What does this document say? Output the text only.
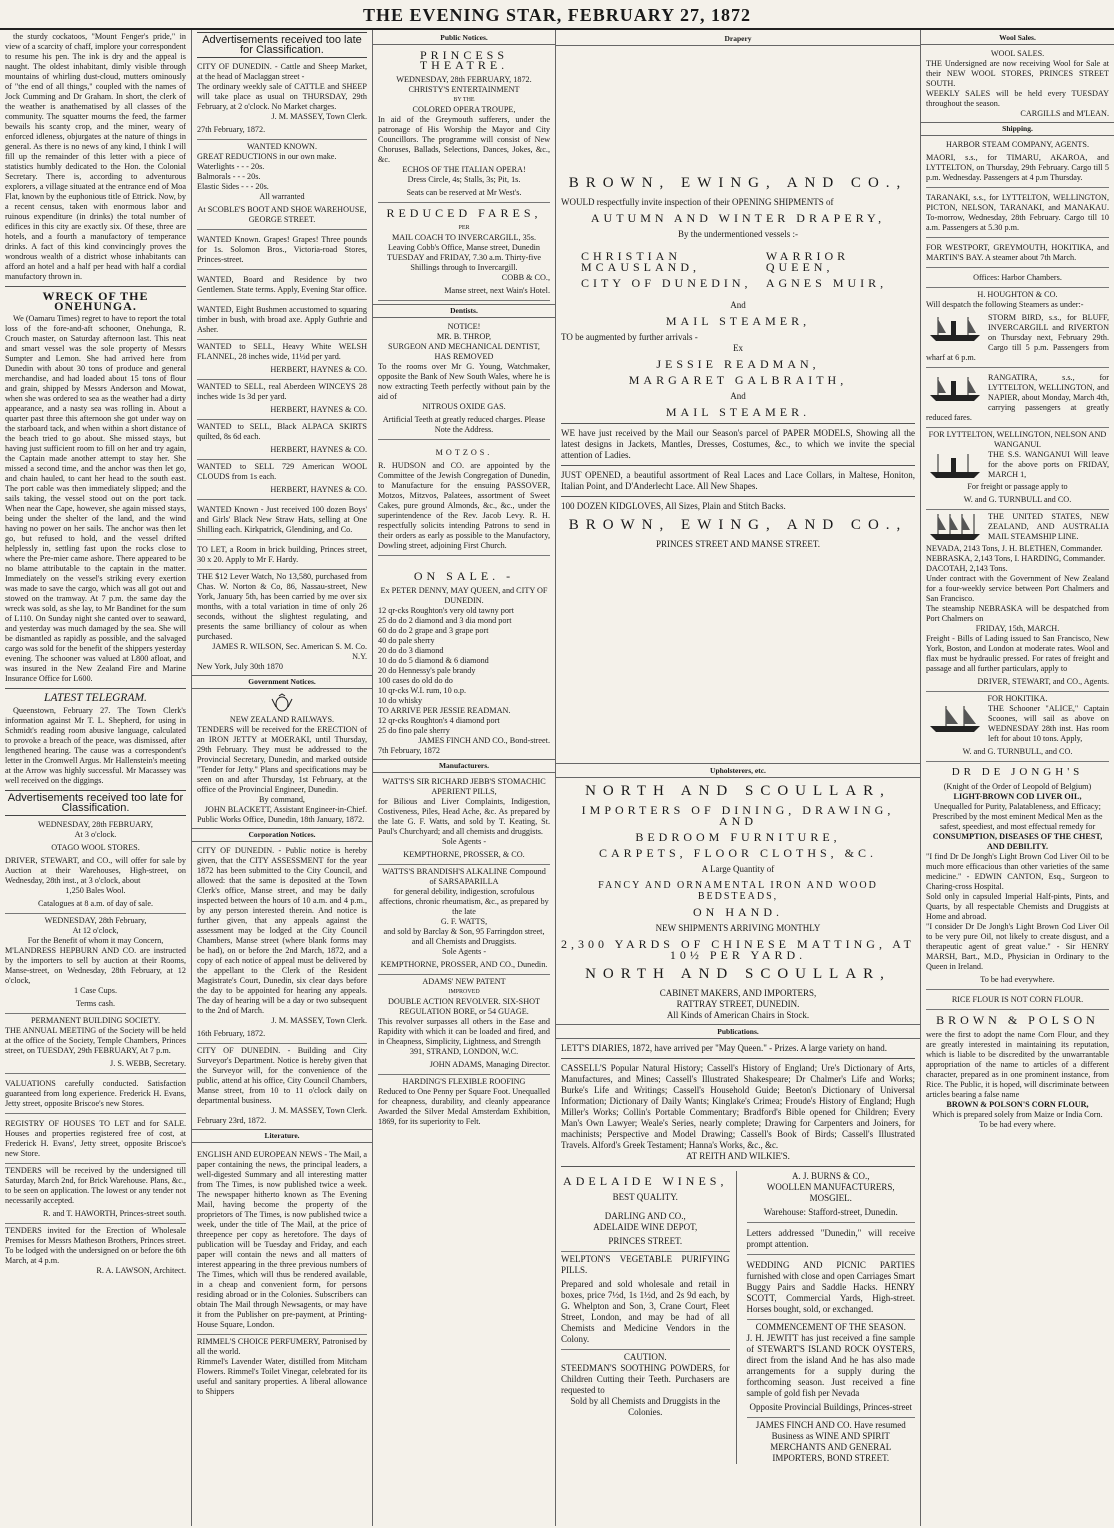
THE EVENING STAR, FEBRUARY 27, 1872

the sturdy cockatoos, "Mount Fenger's pride," in view of a scarcity of chaff, implore your correspondent to resume his pen. The ink is dry and the appeal is naught. The oldest inhabitant, dimly visible through mountains of whirling dust-cloud, mutters ominously of "the end of all things," coupled with the names of Jock Cumming and Dr Graham. In short, the clerk of the weather is anathematised by all classes of the community. The squatter mourns the feed, the farmer bewails his scanty crop, and the miner, weary of enforced idleness, objurgates at the nature of things in general. As there is no news of any kind, I think I will fill up the remainder of this letter with a piece of statistics humbly dedicated to the Hon. the Colonial Secretary. There is, according to adventurous explorers, a village situated at the entrance end of Moa Flat, known by the euphonious title of Ettrick. Now, by a recent census, taken with enormous labor and ruinous expenditure (in drinks) the total number of edifices in this city are exactly six. Of these, three are hotels, and a fourth a manufactory of temperance drinks. A fact of this kind convincingly proves the wondrous wealth of a district whose inhabitants can afford an hotel and a half per head with half a cordial manufactory thrown in.

WRECK OF THE ONEHUNGA.

We (Oamaru Times) regret to have to report the total loss of the fore-and-aft schooner, Onehunga, R. Crouch master, on Saturday afternoon last. This neat and smart vessel was the sole property of Messrs Sumpter and Lemon. She had arrived here from Dunedin with about 30 tons of produce and general merchandise, and had loaded about 15 tons of flour and grain, shipped by Messrs Anderson and Mowat, when she was ordered to sea as the weather had a dirty appearance, and a nasty sea was rolling in. About a quarter past three this afternoon she got under way on the starboard tack, and when within a short distance of the beach tried to go about. She missed stays, but having just sufficient room to fill on her and try again, the Captain made another attempt to stay her. She missed a second time, and the anchor was then let go, and chain hauled, to cant her head to the south east. The port cable was then immediately slipped; and the sails taking, the vessel stood out on the port tack. When near the Cape, however, she again missed stays, being under the shelter of the land, and the wind having no power on her sails. The anchor was then let go, but refused to hold, and the vessel drifted helplessly in, settling fast upon the rocks close to where the Pre-mier came ashore. There appeared to be no blame attributable to the captain in the matter. Immediately on the vessel's striking every exertion was made to save the cargo, which was all got out and stowed on the tramway. At 7 p.m. the same day the wreck was sold, as she lay, to Mr Bandinet for the sum of L110. On Sunday night she canted over to seaward, and yesterday was much damaged by the sea. She will be dismantled as rapidly as possible, and the salvaged cargo was sold for the benefit of the shippers yesterday evening. The schooner was valued at L800 afloat, and was insured in the New Zealand Fire and Marine Insurance Office for L600.

LATEST TELEGRAM.

Queenstown, February 27. The Town Clerk's information against Mr T. L. Shepherd, for using in Schmidt's reading room abusive language, calculated to provoke a breach of the peace, was dismissed, after lengthened hearing. The cause was a correspondent's letter in the Cromwell Argus. Mr Hallenstein's meeting at the Arrow was highly successful. Mr Macassey was well received on the diggings.

Advertisements received too late for Classification.
WEDNESDAY, 28th FEBRUARY,
At 3 o'clock.
OTAGO WOOL STORES.
DRIVER, STEWART, and CO., will offer for sale by Auction at their Warehouses, High-street, on Wednesday, 28th inst., at 3 o'clock, about
1,250 Bales Wool.
Catalogues at 8 a.m. of day of sale.
WEDNESDAY, 28th February,
At 12 o'clock,
For the Benefit of whom it may Concern,
M'LANDRESS HEPBURN AND CO. are instructed by the importers to sell by auction at their Rooms, Manse-street, on Wednesday, 28th February, at 12 o'clock,
1 Case Cups.
Terms cash.
PERMANENT BUILDING SOCIETY.
THE ANNUAL MEETING of the Society will be held at the office of the Society, Temple Chambers, Princes street, on TUESDAY, 29th FEBRUARY, At 7 p.m.
J. S. WEBB, Secretary.
VALUATIONS carefully conducted. Satisfaction guaranteed from long experience. Frederick H. Evans, Jetty street, opposite Briscoe's new Stores.
REGISTRY OF HOUSES TO LET and for SALE. Houses and properties registered free of cost, at Frederick H. Evans', Jetty street, opposite Briscoe's new Store.
TENDERS will be received by the undersigned till Saturday, March 2nd, for Brick Warehouse. Plans, &c., to be seen on application. The lowest or any tender not necessarily accepted.
R. and T. HAWORTH, Princes-street south.
TENDERS invited for the Erection of Wholesale Premises for Messrs Matheson Brothers, Princes street. To be lodged with the undersigned on or before the 6th March, at 4 p.m.
R. A. LAWSON, Architect.
Advertisements received too late for Classification.
CITY OF DUNEDIN. - Cattle and Sheep Market, at the head of Maclaggan street -
The ordinary weekly sale of CATTLE and SHEEP will take place as usual on THURSDAY, 29th February, at 2 o'clock. No Market charges.
J. M. MASSEY, Town Clerk.
27th February, 1872.
WANTED KNOWN.
GREAT REDUCTIONS in our own make.
Waterlights - - - 20s.
Balmorals - - - 20s.
Elastic Sides - - - 20s.
All warranted
At SCOBLE'S BOOT AND SHOE WAREHOUSE, GEORGE STREET.
WANTED Known. Grapes! Grapes! Three pounds for 1s. Solomon Bros., Victoria-road Stores, Princes-street.
WANTED, Board and Residence by two Gentlemen. State terms. Apply, Evening Star office.
WANTED, Eight Bushmen accustomed to squaring timber in bush, with broad axe. Apply Guthrie and Asher.
WANTED to SELL, Heavy White WELSH FLANNEL, 28 inches wide, 11½d per yard.
HERBERT, HAYNES & CO.
WANTED to SELL, real Aberdeen WINCEYS 28 inches wide 1s 3d per yard.
HERBERT, HAYNES & CO.
WANTED to SELL, Black ALPACA SKIRTS quilted, 8s 6d each.
HERBERT, HAYNES & CO.
WANTED to SELL 729 American WOOL CLOUDS from 1s each.
HERBERT, HAYNES & CO.
WANTED Known - Just received 100 dozen Boys' and Girls' Black New Straw Hats, selling at One Shilling each. Kirkpatrick, Glendining, and Co.
TO LET, a Room in brick building, Princes street, 30 x 20. Apply to Mr F. Hardy.
THE $12 Lever Watch, No 13,580, purchased from Chas. W. Norton & Co, 86, Nassau-street, New York, January 5th, has been carried by me over six months, with a total variation in time of only 26 seconds, without the slightest regulating, and presents the same brilliancy of colour as when purchased.
JAMES R. WILSON, Sec. American S. M. Co. N.Y.
New York, July 30th 1870
Government Notices.
NEW ZEALAND RAILWAYS.
TENDERS will be received for the ERECTION of an IRON JETTY at MOERAKI, until Thursday, 29th February. They must be addressed to the Provincial Secretary, Dunedin, and marked outside "Tender for Jetty." Plans and specifications may be seen on and after Thursday, 1st February, at the office of the Provincial Engineer, Dunedin.
By command,
JOHN BLACKETT, Assistant Engineer-in-Chief.
Public Works Office, Dunedin, 18th January, 1872.
Corporation Notices.
CITY OF DUNEDIN. - Public notice is hereby given, that the CITY ASSESSMENT for the year 1872 has been submitted to the City Council, and allowed: that the same is deposited at the Town Clerk's office, Manse street, and may be daily inspected between the hours of 10 a.m. and 4 p.m., by any person interested therein. And notice is further given, that any appeals against the assessment may be lodged at the City Council Chambers, Manse street (where blank forms may be had), on or before the 2nd March, 1872, and a copy of each notice of appeal must be delivered by the appellant to the Clerk of the Resident Magistrate's Court, Dunedin, six clear days before the day to be appointed for hearing any appeals. The day of hearing will be a day or two subsequent to the 2nd of March.
J. M. MASSEY, Town Clerk.
16th February, 1872.
CITY OF DUNEDIN. - Building and City Surveyor's Department. Notice is hereby given that the Surveyor will, for the convenience of the public, attend at his office, City Council Chambers, Manse street, from 10 to 11 o'clock daily on departmental business.
J. M. MASSEY, Town Clerk.
February 23rd, 1872.
Literature.
ENGLISH AND EUROPEAN NEWS - The Mail, a paper containing the news, the principal leaders, a well-digested Summary and all interesting matter from The Times, is now published twice a week. The newspaper hitherto known as The Evening Mail, having become the property of the proprietors of The Times, is now published twice a week, under the title of The Mail, at the price of threepence per copy as heretofore. The days of publication will be Tuesday and Friday, and each paper will contain the news and all matters of interest appearing in the three previous numbers of The Times, which will thus be rendered available, in a cheap and convenient form, for persons residing abroad or in the Colonies. Subscribers can obtain The Mail through Newsagents, or may have it from the Publisher on pre-payment, at Printing-House Square, London.
RIMMEL'S CHOICE PERFUMERY, Patronised by all the world.
Rimmel's Lavender Water, distilled from Mitcham Flowers. Rimmel's Toilet Vinegar, celebrated for its useful and sanitary properties. A liberal allowance to Shippers
Public Notices.
PRINCESS THEATRE.
WEDNESDAY, 28th FEBRUARY, 1872.
CHRISTY'S ENTERTAINMENT
BY THE
COLORED OPERA TROUPE,
In aid of the Greymouth sufferers, under the patronage of His Worship the Mayor and City Councillors. The programme will consist of New Choruses, Ballads, Selections, Dances, Jokes, &c., &c.
ECHOS OF THE ITALIAN OPERA!
Dress Circle, 4s; Stalls, 3s; Pit, 1s.
Seats can be reserved at Mr West's.
REDUCED FARES,
PER
MAIL COACH TO INVERCARGILL, 35s.
Leaving Cobb's Office, Manse street, Dunedin TUESDAY and FRIDAY, 7.30 a.m. Thirty-five Shillings through to Invercargill.
COBB & CO.,
Manse street, next Wain's Hotel.
Dentists.
NOTICE!
MR. B. THROP,
SURGEON AND MECHANICAL DENTIST,
HAS REMOVED
To the rooms over Mr G. Young, Watchmaker, opposite the Bank of New South Wales, where he is now extracting Teeth perfectly without pain by the aid of
NITROUS OXIDE GAS.
Artificial Teeth at greatly reduced charges. Please Note the Address.
MOTZOS.
R. HUDSON and CO. are appointed by the Committee of the Jewish Congregation of Dunedin, to Manufacture for the ensuing PASSOVER, Motzos, Mitzvos, Palatees, assortment of Sweet Cakes, pure ground Almonds, &c., &c., under the superintendence of the Rev. Jacob Levy. R. H. respectfully solicits intending Patrons to send in their orders as early as possible to the Manufactory, Dowling street, adjoining First Church.
ON SALE. -
Ex PETER DENNY, MAY QUEEN, and CITY OF DUNEDIN.
12 qr-cks Roughton's very old tawny port
25 do do 2 diamond and 3 dia mond port
60 do do 2 grape and 3 grape port
40 do pale sherry
20 do do 3 diamond
10 do do 5 diamond & 6 diamond
20 do Hennessy's pale brandy
100 cases do old do do
10 qr-cks W.I. rum, 10 o.p.
10 do whisky
TO ARRIVE PER JESSIE READMAN.
12 qr-cks Roughton's 4 diamond port
25 do fino pale sherry
JAMES FINCH AND CO., Bond-street.
7th February, 1872
Manufacturers.
WATTS'S SIR RICHARD JEBB'S STOMACHIC APERIENT PILLS,
for Bilious and Liver Complaints, Indigestion, Costiveness, Piles, Head Ache, &c. As prepared by the late G. F. Watts, and sold by T. Keating, St. Paul's Churchyard; and all chemists and druggists.
Sole Agents -
KEMPTHORNE, PROSSER, & CO.
WATTS'S BRANDISH'S ALKALINE Compound of SARSAPARILLA
for general debility, indigestion, scrofulous affections, chronic rheumatism, &c., as prepared by the late
G. F. WATTS,
and sold by Barclay & Son, 95 Farringdon street, and all Chemists and Druggists.
Sole Agents -
KEMPTHORNE, PROSSER, AND CO., Dunedin.
ADAMS' NEW PATENT
IMPROVED
DOUBLE ACTION REVOLVER. SIX-SHOT REGULATION BORE, or 54 GUAGE.
This revolver surpasses all others in the Ease and Rapidity with which it can be loaded and fired, and in Cheapness, Simplicity, Lightness, and Strength
391, STRAND, LONDON, W.C.
JOHN ADAMS, Managing Director.
HARDING'S FLEXIBLE ROOFING
Reduced to One Penny per Square Foot. Unequalled for cheapness, durability, and cleanly appearance Awarded the Silver Medal Amsterdam Exhibition, 1869, for its superiority to Felt.
Drapery
BROWN, EWING, AND CO.,
WOULD respectfully invite inspection of their OPENING SHIPMENTS of
AUTUMN AND WINTER DRAPERY,
By the undermentioned vessels :-
CHRISTIAN MCAUSLAND,
CITY OF DUNEDIN,
WARRIOR QUEEN,
AGNES MUIR,
And
MAIL STEAMER,
TO be augmented by further arrivals -
Ex
JESSIE READMAN,
MARGARET GALBRAITH,
And
MAIL STEAMER.
WE have just received by the Mail our Season's parcel of PAPER MODELS, Showing all the latest designs in Jackets, Mantles, Dresses, Costumes, &c., to which we invite the special attention of Ladies.
JUST OPENED, a beautiful assortment of Real Laces and Lace Collars, in Maltese, Honiton, Italian Point, and D'Anderlecht Lace. All New Shapes.
100 DOZEN KIDGLOVES, All Sizes, Plain and Stitch Backs.
BROWN, EWING, AND CO.,
PRINCES STREET AND MANSE STREET.
Upholsterers, etc.
NORTH AND SCOULLAR,
IMPORTERS OF DINING, DRAWING, AND
BEDROOM FURNITURE,
CARPETS, FLOOR CLOTHS, &C.
A Large Quantity of
FANCY AND ORNAMENTAL IRON AND WOOD BEDSTEADS,
ON HAND.
NEW SHIPMENTS ARRIVING MONTHLY
2,300 YARDS OF CHINESE MATTING, AT 10½ PER YARD.
NORTH AND SCOULLAR,
CABINET MAKERS, AND IMPORTERS,
RATTRAY STREET, DUNEDIN.
All Kinds of American Chairs in Stock.
Publications.
LETT'S DIARIES, 1872, have arrived per "May Queen." - Prizes. A large variety on hand.
CASSELL'S Popular Natural History; Cassell's History of England; Ure's Dictionary of Arts, Manufactures, and Mines; Cassell's Illustrated Shakespeare; Dr Chalmer's Life and Works; Burke's Life and Writings; Cassell's Household Guide; Beeton's Dictionary of Universal Information; Dictionary of Daily Wants; Kinglake's Crimea; Froude's History of England; Hugh Miller's Works; Collin's Portable Commentary; Bradford's Bible opened for Children; Every Man's Own Lawyer; Weale's Series, nearly complete; Drawing for Carpenters and Joiners, for machinists; Perspective and Model Drawing; Cassell's Book of Birds; Cassell's Illustrated Travels. Alford's Greek Testament; Hanna's Works, &c., &c.
AT REITH AND WILKIE'S.
ADELAIDE WINES,
BEST QUALITY.
DARLING AND CO.,
ADELAIDE WINE DEPOT,
PRINCES STREET.
WELPTON'S VEGETABLE PURIFYING PILLS.
Prepared and sold wholesale and retail in boxes, price 7½d, 1s 1½d, and 2s 9d each, by G. Whelpton and Son, 3, Crane Court, Fleet Street, London, and may be had of all Chemists and Medicine Vendors in the Colony.
CAUTION.
STEEDMAN'S SOOTHING POWDERS, for Children Cutting their Teeth. Purchasers are requested to
Sold by all Chemists and Druggists in the Colonies.
A. J. BURNS & CO.,
WOOLLEN MANUFACTURERS, MOSGIEL.
Warehouse: Stafford-street, Dunedin.
Letters addressed "Dunedin," will receive prompt attention.
WEDDING AND PICNIC PARTIES furnished with close and open Carriages Smart Buggy Pairs and Saddle Hacks. HENRY SCOTT, Commercial Yards, High-street. Horses bought, sold, or exchanged.
COMMENCEMENT OF THE SEASON.
J. H. JEWITT has just received a fine sample of STEWART'S ISLAND ROCK OYSTERS, direct from the island And he has also made arrangements for a supply during the forthcoming season. Just received a fine sample of gold fish per Nevada
Opposite Provincial Buildings, Princes-street
JAMES FINCH AND CO. Have resumed Business as WINE AND SPIRIT MERCHANTS AND GENERAL IMPORTERS, BOND STREET.
Wool Sales.
WOOL SALES.
THE Undersigned are now receiving Wool for Sale at their NEW WOOL STORES, PRINCES STREET SOUTH.
WEEKLY SALES will be held every TUESDAY throughout the season.
CARGILLS and M'LEAN.
Shipping.
HARBOR STEAM COMPANY, AGENTS.
MAORI, s.s., for TIMARU, AKAROA, and LYTTELTON, on Thursday, 29th February. Cargo till 5 p.m. Wednesday. Passengers at 4 p.m Thursday.
TARANAKI, s.s., for LYTTELTON, WELLINGTON, PICTON, NELSON, TARANAKI, and MANAKAU. To-morrow, Wednesday, 28th February. Cargo till 10 a.m. Passengers at 5.30 p.m.
FOR WESTPORT, GREYMOUTH, HOKITIKA, and MARTIN'S BAY. A steamer about 7th March.
Offices: Harbor Chambers.
H. HOUGHTON & CO.
Will despatch the following Steamers as under:-
STORM BIRD, s.s., for BLUFF, INVERCARGILL and RIVERTON on Thursday next, February 29th. Cargo till 5 p.m. Passengers from wharf at 6 p.m.
RANGATIRA, s.s., for LYTTELTON, WELLINGTON, and NAPIER, about Monday, March 4th, carrying passengers at greatly reduced fares.
FOR LYTTELTON, WELLINGTON, NELSON AND WANGANUI.
THE S.S. WANGANUI Will leave for the above ports on FRIDAY, MARCH 1,
For freight or passage apply to
W. and G. TURNBULL and CO.
THE UNITED STATES, NEW ZEALAND, AND AUSTRALIA MAIL STEAMSHIP LINE.
NEVADA, 2143 Tons, J. H. BLETHEN, Commander.
NEBRASKA, 2,143 Tons, I. HARDING, Commander.
DACOTAH, 2,143 Tons.
Under contract with the Government of New Zealand for a four-weekly service between Port Chalmers and San Francisco.
The steamship NEBRASKA will be despatched from Port Chalmers on
FRIDAY, 15th, MARCH.
Freight - Bills of Lading issued to San Francisco, New York, Boston, and London at moderate rates. Wool and flax must be hydraulic pressed. For rates of freight and passage and all further particulars, apply to
DRIVER, STEWART, and CO., Agents.
FOR HOKITIKA.
THE Schooner "ALICE," Captain Scoones, will sail as above on WEDNESDAY 28th inst. Has room left for about 10 tons. Apply,
W. and G. TURNBULL, and CO.
DR DE JONGH'S
(Knight of the Order of Leopold of Belgium)
LIGHT-BROWN COD LIVER OIL,
Unequalled for Purity, Palatableness, and Efficacy;
Prescribed by the most eminent Medical Men as the safest, speediest, and most effectual remedy for
CONSUMPTION, DISEASES OF THE CHEST, AND DEBILITY.
"I find Dr De Jongh's Light Brown Cod Liver Oil to be much more efficacious than other varieties of the same medicine." - EDWIN CANTON, Esq., Surgeon to Charing-cross Hospital.
Sold only in capsuled Imperial Half-pints, Pints, and Quarts, by all respectable Chemists and Druggists at Home and abroad.
"I consider Dr De Jongh's Light Brown Cod Liver Oil to be very pure Oil, not likely to create disgust, and a therapeutic agent of great value." - Sir HENRY MARSH, Bart., M.D., Physician in Ordinary to the Queen in Ireland.
To be had everywhere.
RICE FLOUR IS NOT CORN FLOUR.
BROWN & POLSON
were the first to adopt the name Corn Flour, and they are greatly interested in maintaining its reputation, which is liable to be discredited by the unwarrantable appropriation of the name to articles of a different character, prepared as in one prominent instance, from Rice. The Public, it is hoped, will discriminate between articles bearing a false name
BROWN & POLSON'S CORN FLOUR,
Which is prepared solely from Maize or India Corn.
To be had every where.
